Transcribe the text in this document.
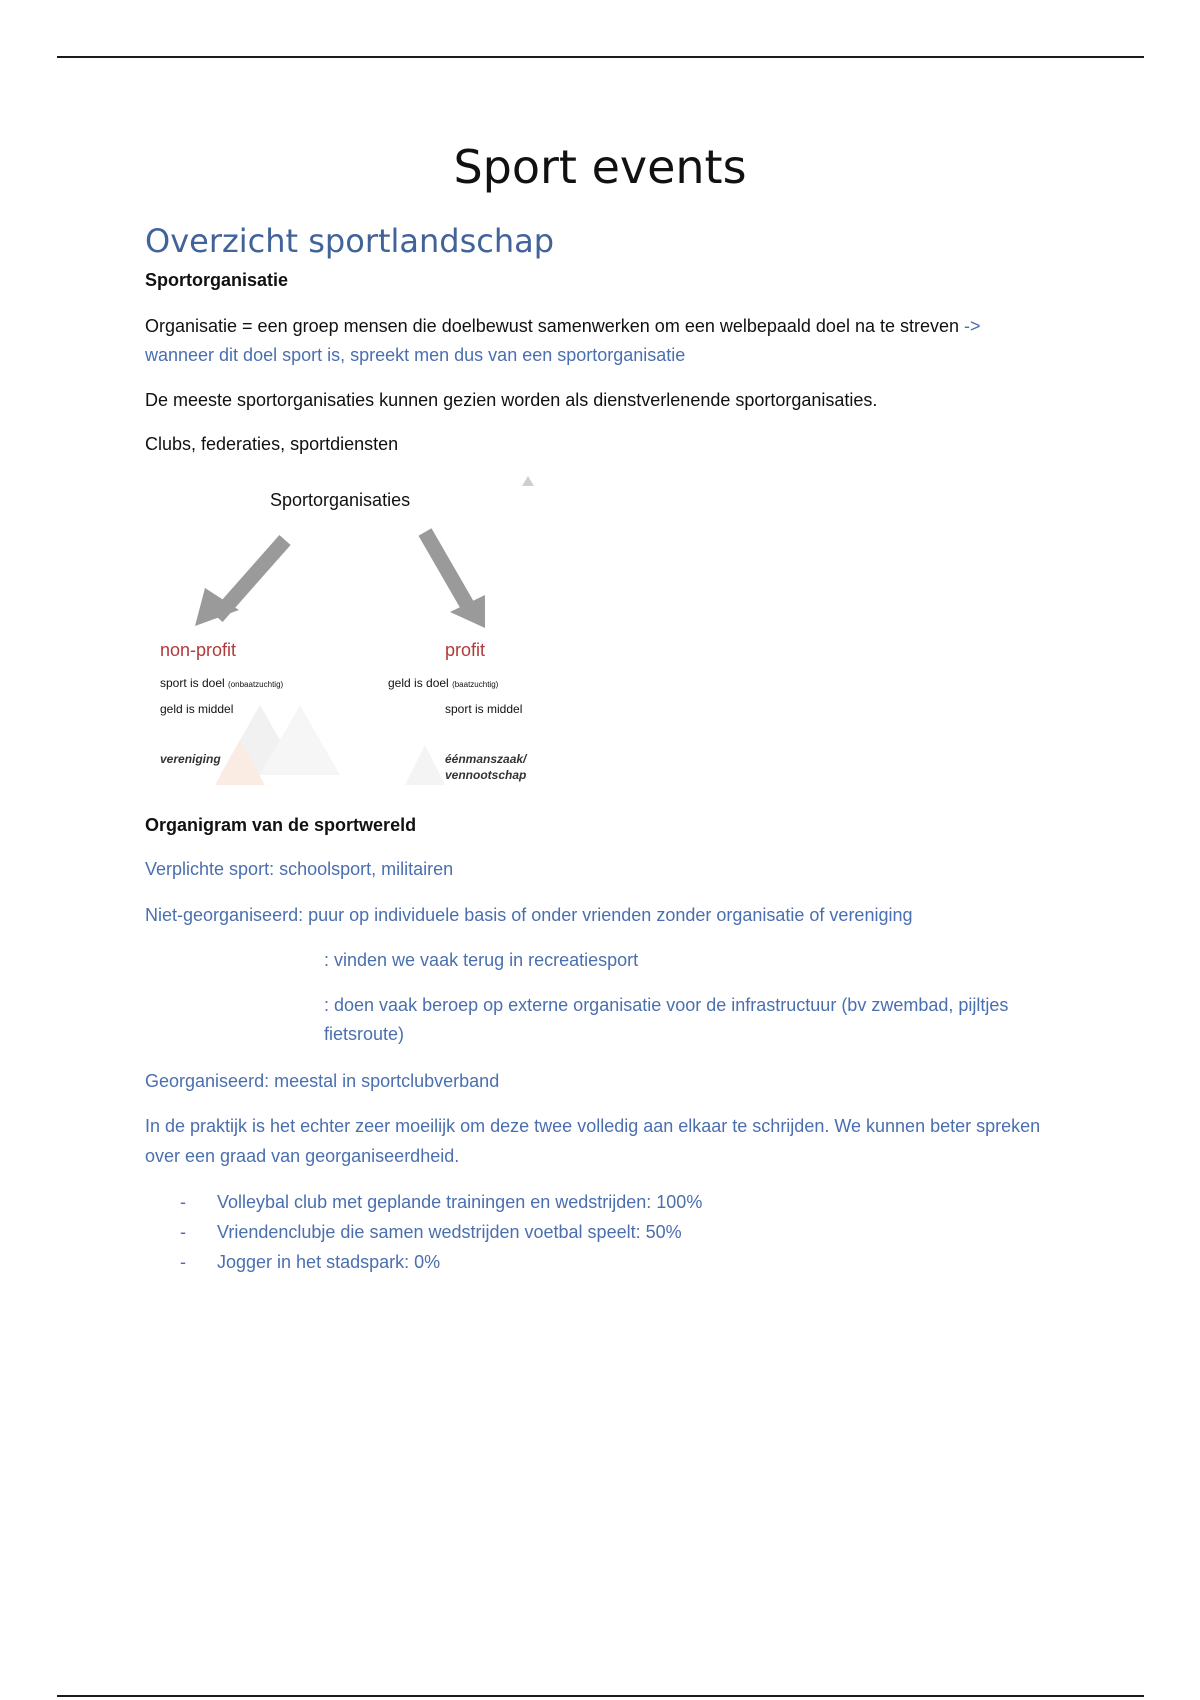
Sport events
Overzicht sportlandschap

Sportorganisatie

Organisatie = een groep mensen die doelbewust samenwerken om een welbepaald doel na te streven -> wanneer dit doel sport is, spreekt men dus van een sportorganisatie

De meeste sportorganisaties kunnen gezien worden als dienstverlenende sportorganisaties.

Clubs, federaties, sportdiensten

Sportorganisaties
non-profit
sport is doel (onbaatzuchtig)
geld is middel
vereniging
profit
geld is doel (baatzuchtig)
sport is middel
éénmanszaak/
vennootschap

Organigram van de sportwereld

Verplichte sport: schoolsport, militairen

Niet-georganiseerd: puur op individuele basis of onder vrienden zonder organisatie of vereniging

: vinden we vaak terug in recreatiesport

: doen vaak beroep op externe organisatie voor de infrastructuur (bv zwembad, pijltjes fietsroute)

Georganiseerd: meestal in sportclubverband

In de praktijk is het echter zeer moeilijk om deze twee volledig aan elkaar te schrijden. We kunnen beter spreken over een graad van georganiseerdheid.

- Volleybal club met geplande trainingen en wedstrijden: 100%
- Vriendenclubje die samen wedstrijden voetbal speelt: 50%
- Jogger in het stadspark: 0%
